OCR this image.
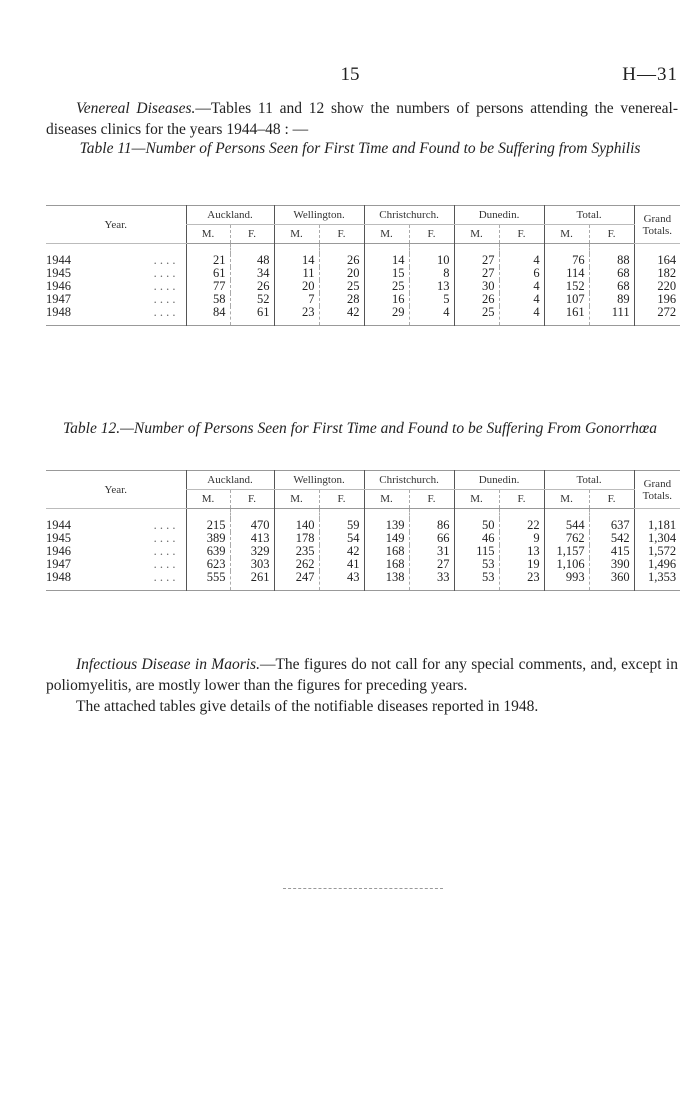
15	H—31

Venereal Diseases.—Tables 11 and 12 show the numbers of persons attending the venereal-diseases clinics for the years 1944–48 : —

Table 11—Number of Persons Seen for First Time and Found to be Suffering from Syphilis
Year.	Auckland.		Wellington.		Christchurch.		Dunedin.		Total.		Grand Totals.
	M.	F.	M.	F.	M.	F.	M.	F.	M.	F.	

1944 . . . .	21	48	14	26	14	10	27	4	76	88	164
1945 . . . .	61	34	11	20	15	8	27	6	114	68	182
1946 . . . .	77	26	20	25	25	13	30	4	152	68	220
1947 . . . .	58	52	7	28	16	5	26	4	107	89	196
1948 . . . .	84	61	23	42	29	4	25	4	161	111	272
Table 12.—Number of Persons Seen for First Time and Found to be Suffering From Gonorrhœa
Year.	Auckland.		Wellington.		Christchurch.		Dunedin.		Total.		Grand Totals.
	M.	F.	M.	F.	M.	F.	M.	F.	M.	F.	

1944 . . . .	215	470	140	59	139	86	50	22	544	637	1,181
1945 . . . .	389	413	178	54	149	66	46	9	762	542	1,304
1946 . . . .	639	329	235	42	168	31	115	13	1,157	415	1,572
1947 . . . .	623	303	262	41	168	27	53	19	1,106	390	1,496
1948 . . . .	555	261	247	43	138	33	53	23	993	360	1,353

Infectious Disease in Maoris.—The figures do not call for any special comments, and, except in poliomyelitis, are mostly lower than the figures for preceding years.

The attached tables give details of the notifiable diseases reported in 1948.
